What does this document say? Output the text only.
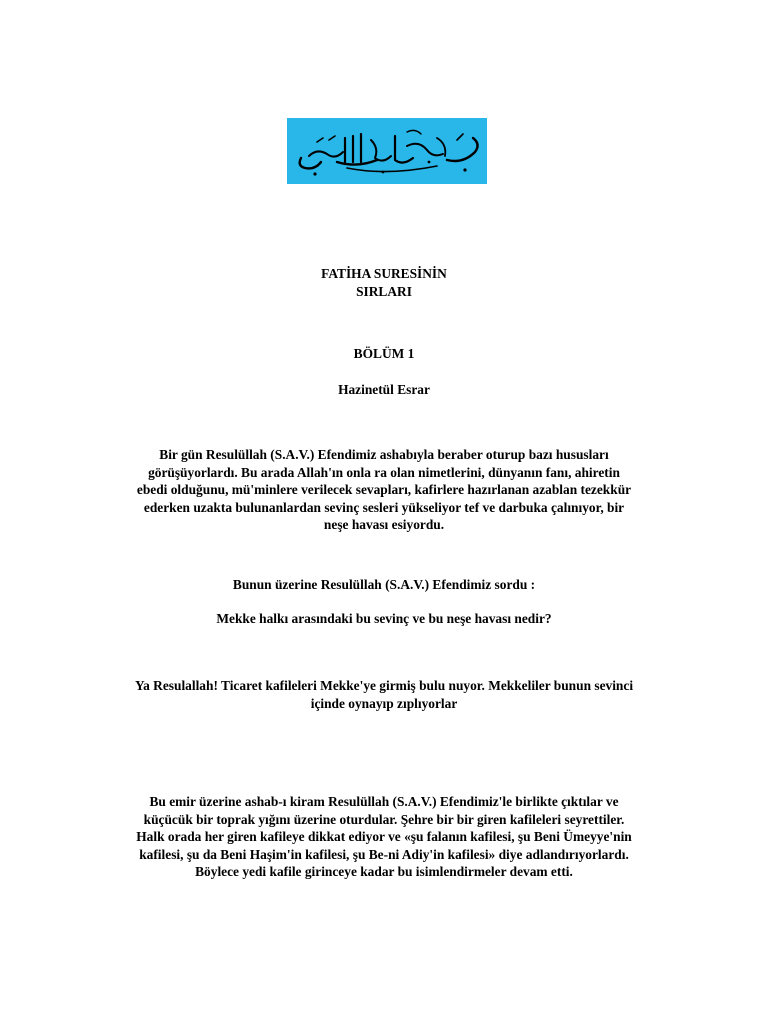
FATİHA SURESİNİN
SIRLARI
BÖLÜM 1
Hazinetül Esrar
Bir gün Resulüllah (S.A.V.) Efendimiz ashabıyla beraber oturup bazı hususları
görüşüyorlardı. Bu arada Allah'ın onla ra olan nimetlerini, dünyanın fanı, ahiretin
ebedi olduğunu, mü'minlere verilecek sevapları, kafirlere hazırlanan azablan tezekkür
ederken uzakta bulunanlardan sevinç sesleri yükseliyor tef ve darbuka çalınıyor, bir
neşe havası esiyordu.
Bunun üzerine Resulüllah (S.A.V.) Efendimiz sordu :
Mekke halkı arasındaki bu sevinç ve bu neşe havası nedir?
Ya Resulallah! Ticaret kafileleri Mekke'ye girmiş bulu nuyor. Mekkeliler bunun sevinci
içinde oynayıp zıplıyorlar
Bu emir üzerine ashab-ı kiram Resulüllah (S.A.V.) Efendimiz'le birlikte çıktılar ve
küçücük bir toprak yığını üzerine oturdular. Şehre bir bir giren kafileleri seyrettiler.
Halk orada her giren kafileye dikkat ediyor ve «şu falanın kafilesi, şu Beni Ümeyye'nin
kafilesi, şu da Beni Haşim'in kafilesi, şu Be-ni Adiy'in kafilesi» diye adlandırıyorlardı.
Böylece yedi kafile girinceye kadar bu isimlendirmeler devam etti.
